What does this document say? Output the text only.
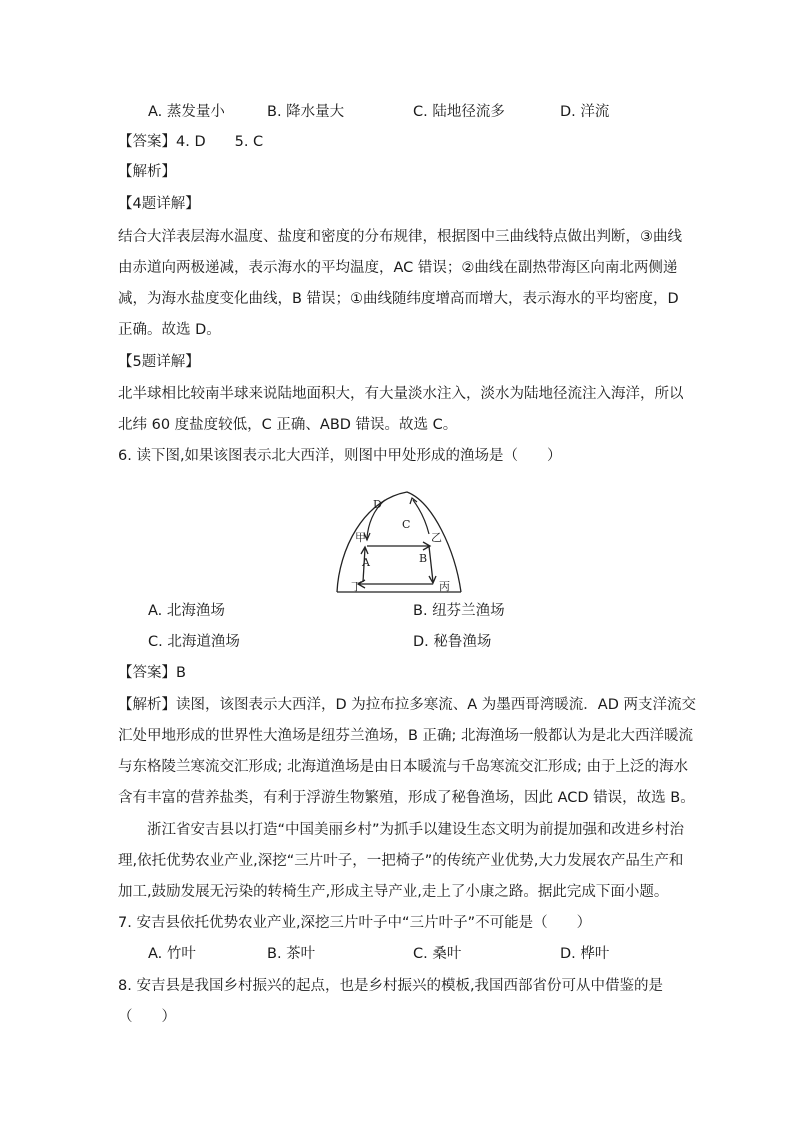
A. 蒸发量小	B. 降水量大	C. 陆地径流多	D. 洋流
【答案】4. D　　5. C
【解析】
【4题详解】
结合大洋表层海水温度、盐度和密度的分布规律，根据图中三曲线特点做出判断，③曲线
由赤道向两极递减，表示海水的平均温度，AC 错误；②曲线在副热带海区向南北两侧递
减，为海水盐度变化曲线，B 错误；①曲线随纬度增高而增大，表示海水的平均密度，D
正确。故选 D。
【5题详解】
北半球相比较南半球来说陆地面积大，有大量淡水注入，淡水为陆地径流注入海洋，所以
北纬 60 度盐度较低，C 正确、ABD 错误。故选 C。
6. 读下图,如果该图表示北大西洋，则图中甲处形成的渔场是（　　）
D
C
甲	乙
A	B
丁	丙
A. 北海渔场	B. 纽芬兰渔场
C. 北海道渔场	D. 秘鲁渔场
【答案】B
【解析】读图，该图表示大西洋，D 为拉布拉多寒流、A 为墨西哥湾暖流．AD 两支洋流交
汇处甲地形成的世界性大渔场是纽芬兰渔场，B 正确; 北海渔场一般都认为是北大西洋暖流
与东格陵兰寒流交汇形成; 北海道渔场是由日本暖流与千岛寒流交汇形成; 由于上泛的海水
含有丰富的营养盐类，有利于浮游生物繁殖，形成了秘鲁渔场，因此 ACD 错误，故选 B。
　　浙江省安吉县以打造“中国美丽乡村”为抓手以建设生态文明为前提加强和改进乡村治
理,依托优势农业产业,深挖“三片叶子，一把椅子”的传统产业优势,大力发展农产品生产和
加工,鼓励发展无污染的转椅生产,形成主导产业,走上了小康之路。据此完成下面小题。
7. 安吉县依托优势农业产业,深挖三片叶子中“三片叶子”不可能是（　　）
A. 竹叶	B. 茶叶	C. 桑叶	D. 桦叶
8. 安吉县是我国乡村振兴的起点，也是乡村振兴的模板,我国西部省份可从中借鉴的是
（　　）
